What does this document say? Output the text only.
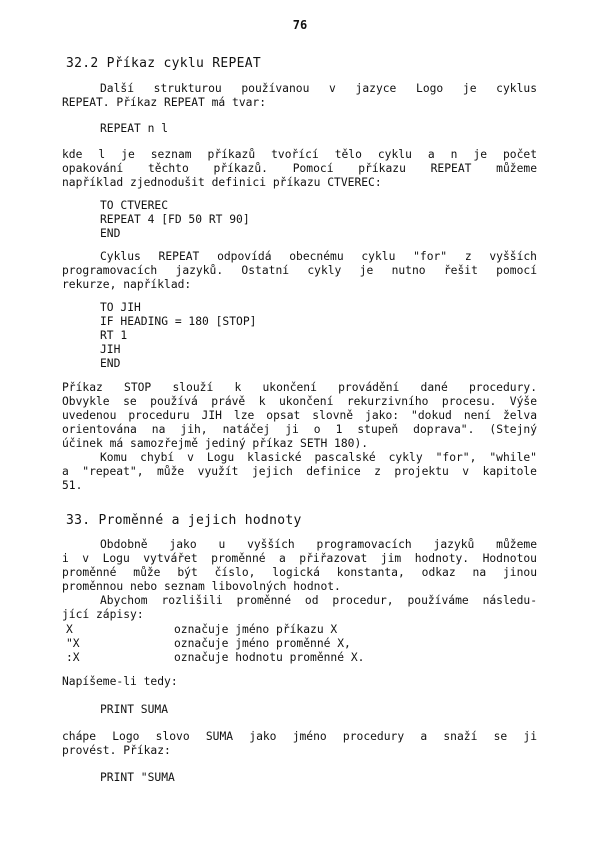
76
32.2 Příkaz cyklu REPEAT
Další strukturou používanou v jazyce Logo je cyklus
REPEAT. Příkaz REPEAT má tvar:
REPEAT n l
kde l je seznam příkazů tvořící tělo cyklu a n je počet
opakování těchto příkazů. Pomocí příkazu REPEAT můžeme
například zjednodušit definici příkazu CTVEREC:
TO CTVEREC
REPEAT 4 [FD 50 RT 90]
END
Cyklus REPEAT odpovídá obecnému cyklu "for" z vyšších
programovacích jazyků. Ostatní cykly je nutno řešit pomocí
rekurze, například:
TO JIH
IF HEADING = 180 [STOP]
RT 1
JIH
END
Příkaz STOP slouží k ukončení provádění dané procedury.
Obvykle se používá právě k ukončení rekurzivního procesu. Výše
uvedenou proceduru JIH lze opsat slovně jako: "dokud není želva
orientována na jih, natáčej ji o 1 stupeň doprava". (Stejný
účinek má samozřejmě jediný příkaz SETH 180).
Komu chybí v Logu klasické pascalské cykly "for", "while"
a "repeat", může využít jejich definice z projektu v kapitole
51.
33. Proměnné a jejich hodnoty
Obdobně jako u vyšších programovacích jazyků můžeme
i v Logu vytvářet proměnné a přiřazovat jim hodnoty. Hodnotou
proměnné může být číslo, logická konstanta, odkaz na jinou
proměnnou nebo seznam libovolných hodnot.
Abychom rozlišili proměnné od procedur, používáme následu-
jící zápisy:
X	označuje jméno příkazu X
"X	označuje jméno proměnné X,
:X	označuje hodnotu proměnné X.
Napíšeme-li tedy:
PRINT SUMA
chápe Logo slovo SUMA jako jméno procedury a snaží se ji
provést. Příkaz:
PRINT "SUMA
